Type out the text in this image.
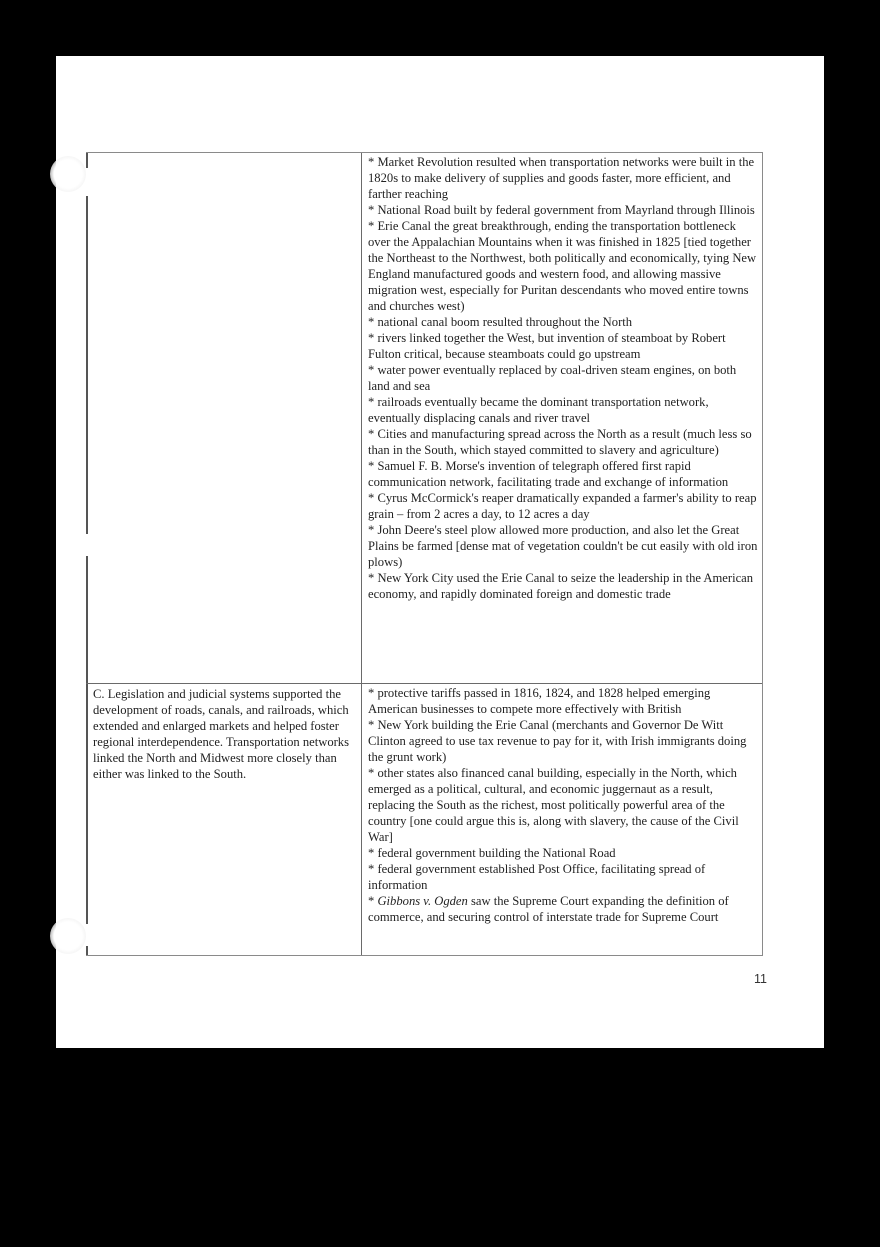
* Market Revolution resulted when transportation networks were built in the 1820s to make delivery of supplies and goods faster, more efficient, and farther reaching
* National Road built by federal government from Mayrland through Illinois
* Erie Canal the great breakthrough, ending the transportation bottleneck over the Appalachian Mountains when it was finished in 1825 [tied together the Northeast to the Northwest, both politically and economically, tying New England manufactured goods and western food, and allowing massive migration west, especially for Puritan descendants who moved entire towns and churches west)
* national canal boom resulted throughout the North
* rivers linked together the West, but invention of steamboat by Robert Fulton critical, because steamboats could go upstream
* water power eventually replaced by coal-driven steam engines, on both land and sea
* railroads eventually became the dominant transportation network, eventually displacing canals and river travel
* Cities and manufacturing spread across the North as a result (much less so than in the South, which stayed committed to slavery and agriculture)
* Samuel F. B. Morse's invention of telegraph offered first rapid communication network, facilitating trade and exchange of information
* Cyrus McCormick's reaper dramatically expanded a farmer's ability to reap grain – from 2 acres a day, to 12 acres a day
* John Deere's steel plow allowed more production, and also let the Great Plains be farmed [dense mat of vegetation couldn't be cut easily with old iron plows)
* New York City used the Erie Canal to seize the leadership in the American economy, and rapidly dominated foreign and domestic trade
C. Legislation and judicial systems supported the development of roads, canals, and railroads, which extended and enlarged markets and helped foster regional interdependence. Transportation networks linked the North and Midwest more closely than either was linked to the South.
* protective tariffs passed in 1816, 1824, and 1828 helped emerging American businesses to compete more effectively with British
* New York building the Erie Canal (merchants and Governor De Witt Clinton agreed to use tax revenue to pay for it, with Irish immigrants doing the grunt work)
* other states also financed canal building, especially in the North, which emerged as a political, cultural, and economic juggernaut as a result, replacing the South as the richest, most politically powerful area of the country [one could argue this is, along with slavery, the cause of the Civil War]
* federal government building the National Road
* federal government established Post Office, facilitating spread of information
* Gibbons v. Ogden saw the Supreme Court expanding the definition of commerce, and securing control of interstate trade for Supreme Court
11
